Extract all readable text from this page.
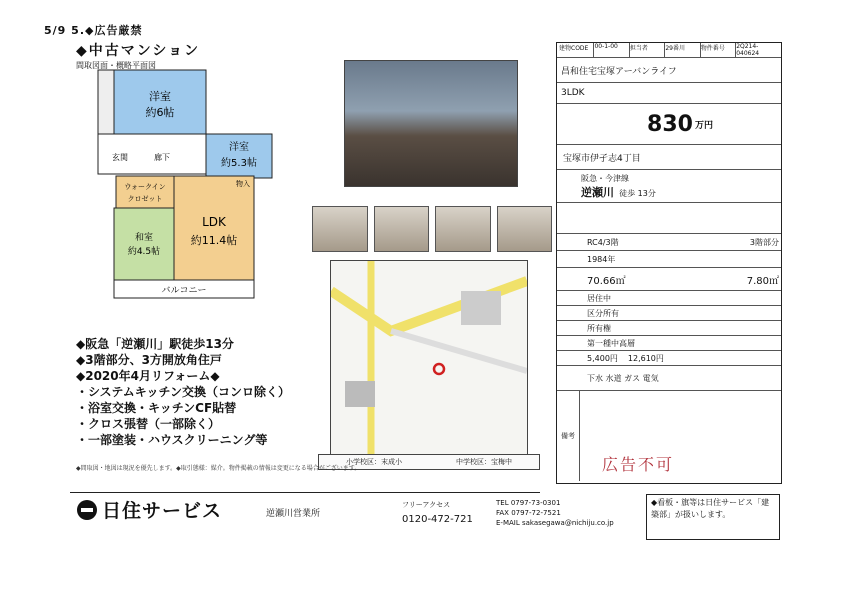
5/9 5.◆広告厳禁
◆中古マンション
間取図面・概略平面図
洋室
約6帖
洋室
約5.3帖
ウォークイン
クロゼット
和室
約4.5帖
LDK
約11.4帖
バルコニー
玄関	廊下
物入
小学校区：末成小	中学校区：宝梅中
◆阪急「逆瀬川」駅徒歩13分
◆3階部分、3方開放角住戸
◆2020年4月リフォーム◆
・システムキッチン交換（コンロ除く）
・浴室交換・キッチンCF貼替
・クロス張替（一部除く）
・一部塗装・ハウスクリーニング等
◆間取図・地図は現況を優先します。◆取引態様：媒介。物件掲載の情報は変更になる場合がございます。
建物CODE	00-1-00	担当者	29番川	物件番号	2Q214-040624
昌和住宅宝塚アーバンライフ
3LDK
830 万円
宝塚市伊孑志4丁目
阪急・今津線
逆瀬川 徒歩 13分
RC4/3階	3階部分
1984年
70.66㎡	7.80㎡
居住中
区分所有
所有権
第一種中高層
5,400円 12,610円
下水 水道 ガス 電気
備考
広告不可
日住サービス	逆瀬川営業所
フリーアクセス
0120-472-721
TEL 0797-73-0301
FAX 0797-72-7521
E-MAIL sakasegawa@nichiju.co.jp
◆看板・旗等は日住サービス「建築部」が扱いします。
